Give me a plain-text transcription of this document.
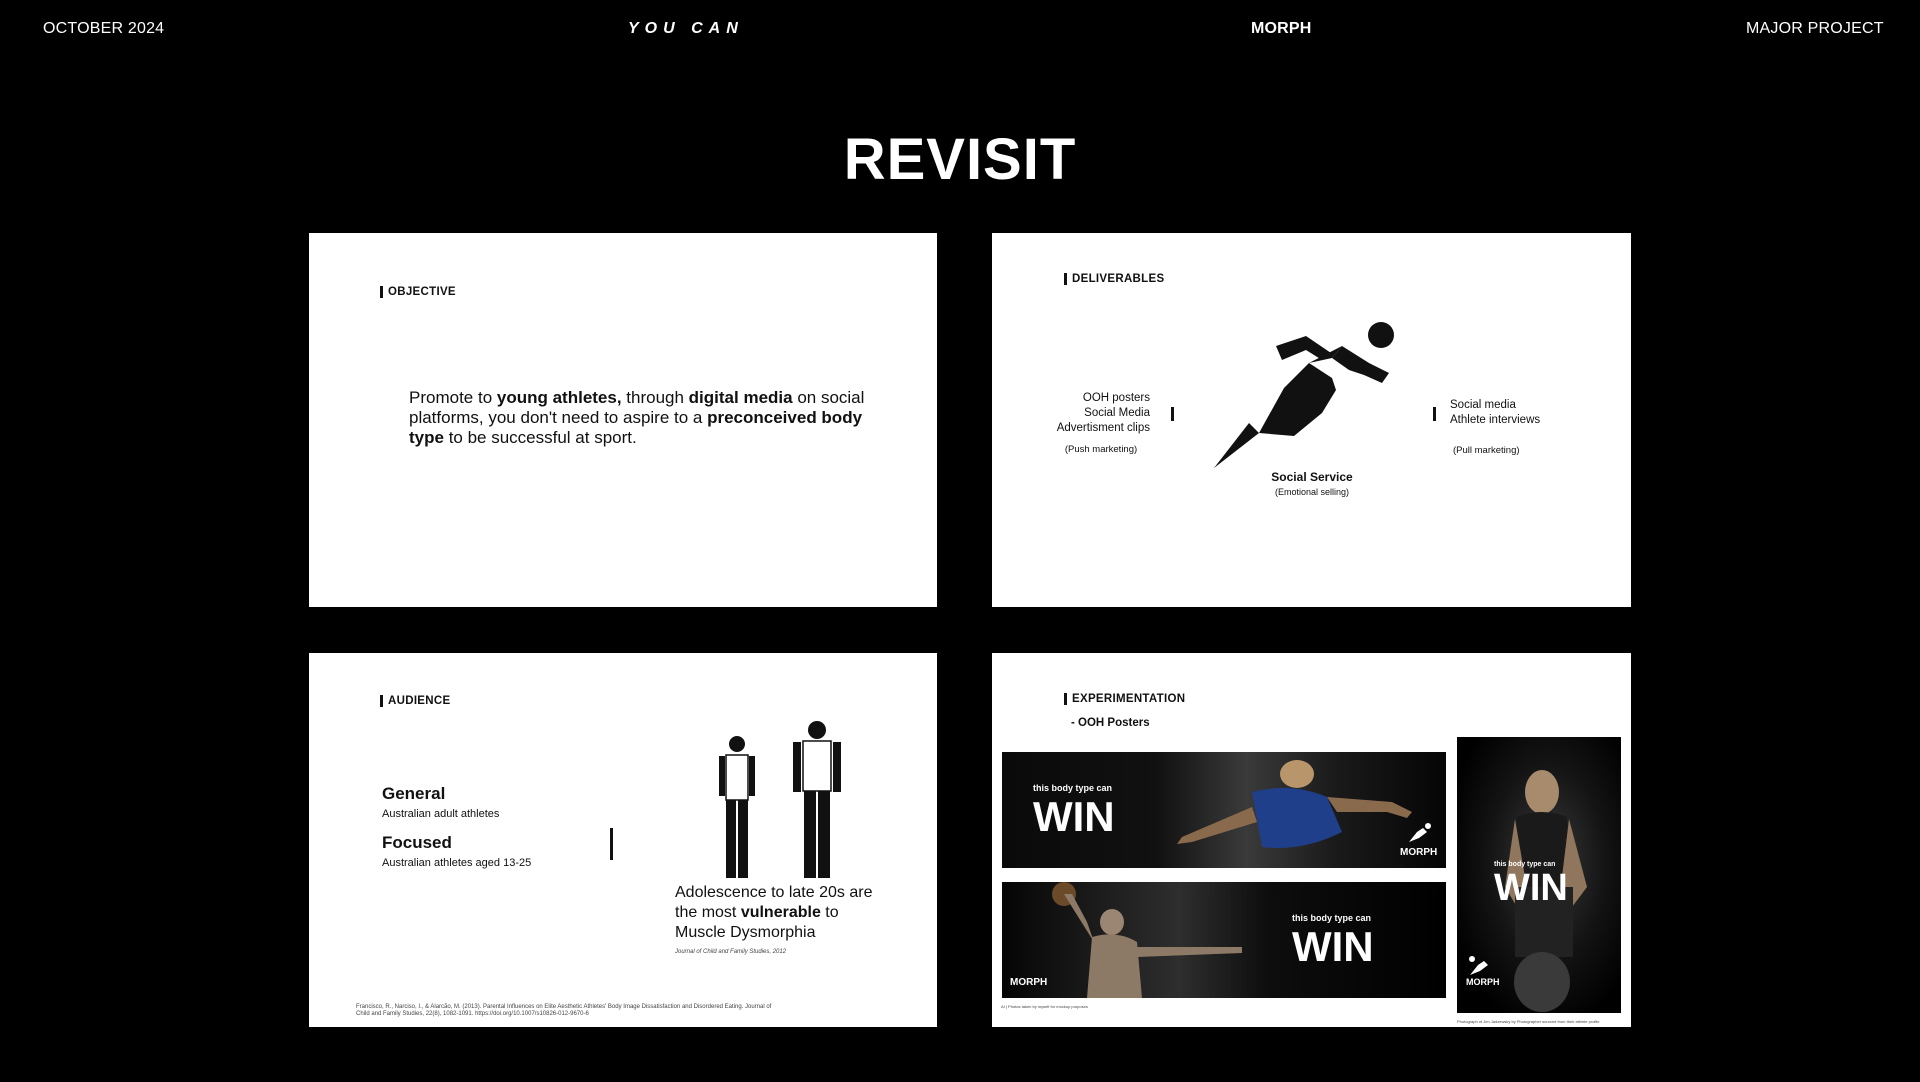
OCTOBER 2024	YOU CAN	MORPH	MAJOR PROJECT
REVISIT
OBJECTIVE
Promote to young athletes, through digital media on social platforms, you don't need to aspire to a preconceived body type to be successful at sport.
DELIVERABLES
OOH posters
Social Media
Advertisment clips
(Push marketing)
Social Service
(Emotional selling)
Social media
Athlete interviews
(Pull marketing)
AUDIENCE
General
Australian adult athletes
Focused
Australian athletes aged 13-25
Adolescence to late 20s are the most vulnerable to Muscle Dysmorphia
Journal of Child and Family Studies, 2012
Francisco, R., Narciso, I., & Alarcão, M. (2013). Parental Influences on Elite Aesthetic Athletes' Body Image Dissatisfaction and Disordered Eating. Journal of Child and Family Studies, 22(8), 1082-1091. https://doi.org/10.1007/s10826-012-9670-6
EXPERIMENTATION
- OOH Posters
this body type can
WIN
MORPH
this body type can
WIN
MORPH
this body type can
WIN
MORPH
AI | Photos taken by myself for mockup purposes
Photograph of Jen Jadzewsky by Photographer sourced from their athlete profile
